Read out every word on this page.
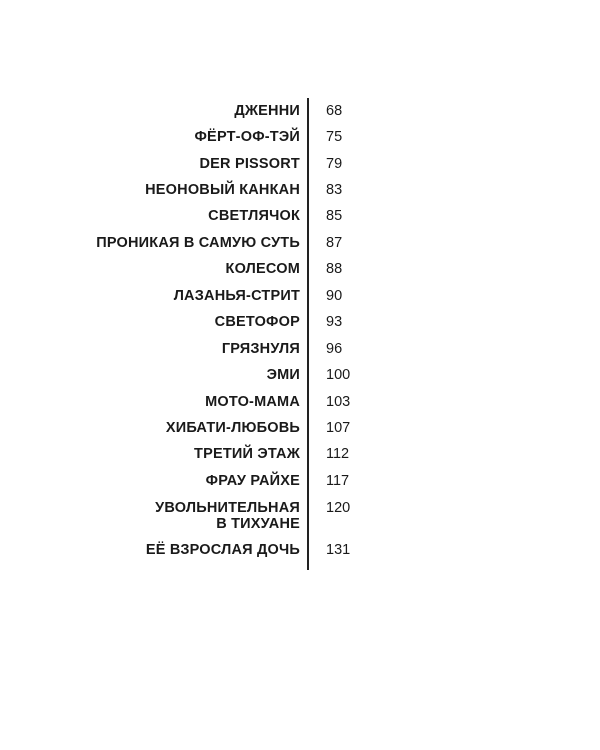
ДЖЕННИ 68
ФЁРТ-ОФ-ТЭЙ 75
DER PISSORT 79
НЕОНОВЫЙ КАНКАН 83
СВЕТЛЯЧОК 85
ПРОНИКАЯ В САМУЮ СУТЬ 87
КОЛЕСОМ 88
ЛАЗАНЬЯ-СТРИТ 90
СВЕТОФОР 93
ГРЯЗНУЛЯ 96
ЭМИ 100
МОТО-МАМА 103
ХИБАТИ-ЛЮБОВЬ 107
ТРЕТИЙ ЭТАЖ 112
ФРАУ РАЙХЕ 117
УВОЛЬНИТЕЛЬНАЯ 120
В ТИХУАНЕ
ЕЁ ВЗРОСЛАЯ ДОЧЬ 131
